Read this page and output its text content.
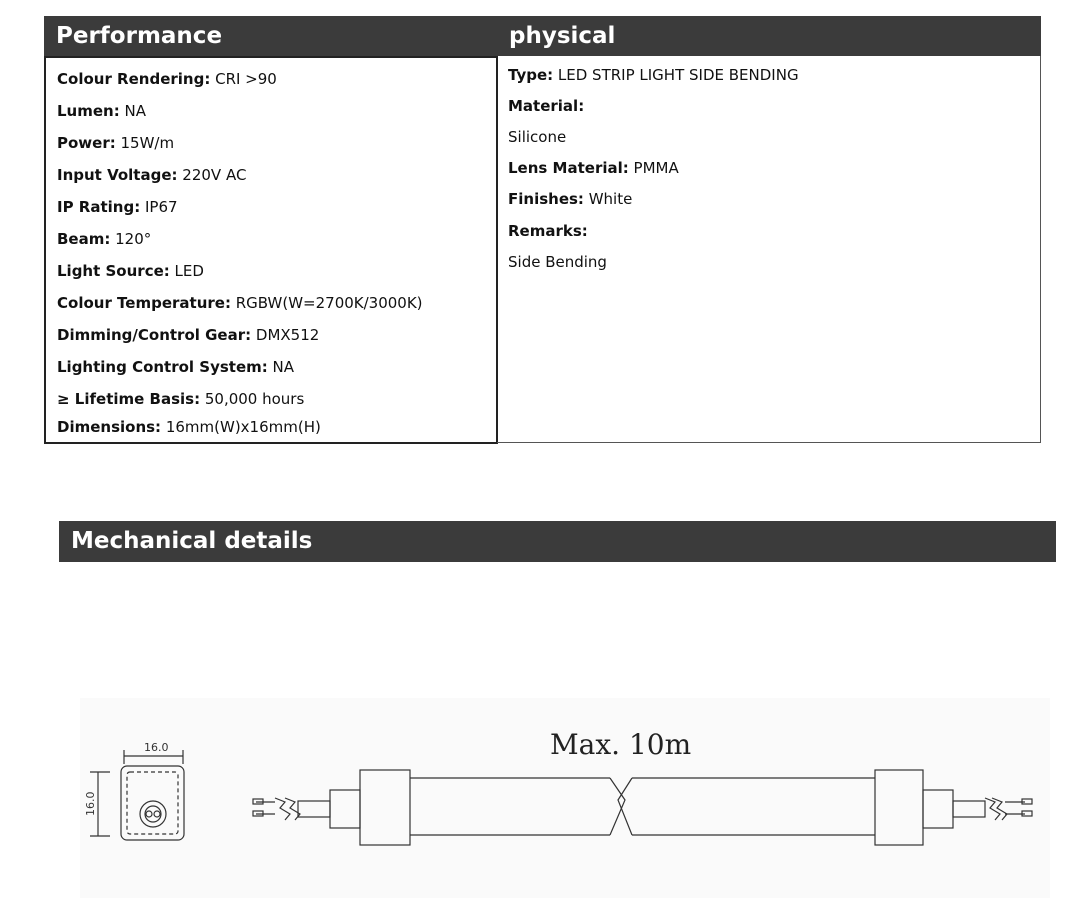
Performance	physical
Colour Rendering: CRI >90
Lumen: NA
Power: 15W/m
Input Voltage: 220V AC
IP Rating: IP67
Beam: 120°
Light Source: LED
Colour Temperature: RGBW(W=2700K/3000K)
Dimming/Control Gear: DMX512
Lighting Control System: NA
≥ Lifetime Basis: 50,000 hours
Dimensions: 16mm(W)x16mm(H)
Type: LED STRIP LIGHT SIDE BENDING
Material:
Silicone
Lens Material: PMMA
Finishes: White
Remarks:
Side Bending
Mechanical details
16.0
16.0
Max. 10m
